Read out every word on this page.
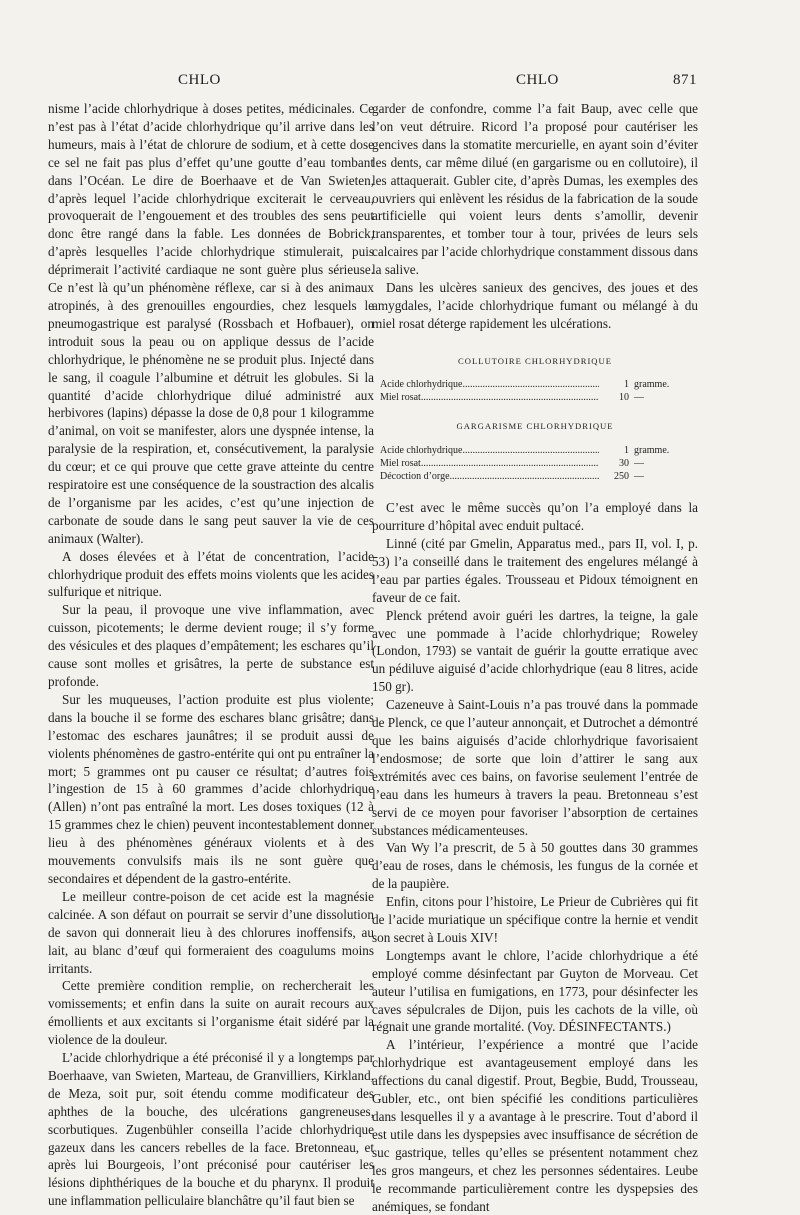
CHLO	CHLO	871

nisme l’acide chlorhydrique à doses petites, médicinales. Ce n’est pas à l’état d’acide chlorhydrique qu’il arrive dans les humeurs, mais à l’état de chlorure de sodium, et à cette dose ce sel ne fait pas plus d’effet qu’une goutte d’eau tombant dans l’Océan. Le dire de Boerhaave et de Van Swieten, d’après lequel l’acide chlorhydrique exciterait le cerveau, provoquerait de l’engouement et des troubles des sens peut donc être rangé dans la fable. Les données de Bobrick, d’après lesquelles l’acide chlorhydrique stimulerait, puis déprimerait l’activité cardiaque ne sont guère plus sérieuse. Ce n’est là qu’un phénomène réflexe, car si à des animaux atropinés, à des grenouilles engourdies, chez lesquels le pneumogastrique est paralysé (Rossbach et Hofbauer), on introduit sous la peau ou on applique dessus de l’acide chlorhydrique, le phénomène ne se produit plus. Injecté dans le sang, il coagule l’albumine et détruit les globules. Si la quantité d’acide chlorhydrique dilué administré aux herbivores (lapins) dépasse la dose de 0,8 pour 1 kilogramme d’animal, on voit se manifester, alors une dyspnée intense, la paralysie de la respiration, et, consécutivement, la paralysie du cœur; et ce qui prouve que cette grave atteinte du centre respiratoire est une conséquence de la soustraction des alcalis de l’organisme par les acides, c’est qu’une injection de carbonate de soude dans le sang peut sauver la vie de ces animaux (Walter).

A doses élevées et à l’état de concentration, l’acide chlorhydrique produit des effets moins violents que les acides sulfurique et nitrique.

Sur la peau, il provoque une vive inflammation, avec cuisson, picotements; le derme devient rouge; il s’y forme des vésicules et des plaques d’empâtement; les eschares qu’il cause sont molles et grisâtres, la perte de substance est profonde.

Sur les muqueuses, l’action produite est plus violente; dans la bouche il se forme des eschares blanc grisâtre; dans l’estomac des eschares jaunâtres; il se produit aussi de violents phénomènes de gastro-entérite qui ont pu entraîner la mort; 5 grammes ont pu causer ce résultat; d’autres fois l’ingestion de 15 à 60 grammes d’acide chlorhydrique (Allen) n’ont pas entraîné la mort. Les doses toxiques (12 à 15 grammes chez le chien) peuvent incontestablement donner lieu à des phénomènes généraux violents et à des mouvements convulsifs mais ils ne sont guère que secondaires et dépendent de la gastro-entérite.

Le meilleur contre-poison de cet acide est la magnésie calcinée. A son défaut on pourrait se servir d’une dissolution de savon qui donnerait lieu à des chlorures inoffensifs, au lait, au blanc d’œuf qui formeraient des coagulums moins irritants.

Cette première condition remplie, on rechercherait les vomissements; et enfin dans la suite on aurait recours aux émollients et aux excitants si l’organisme était sidéré par la violence de la douleur.

L’acide chlorhydrique a été préconisé il y a longtemps par Boerhaave, van Swieten, Marteau, de Granvilliers, Kirkland, de Meza, soit pur, soit étendu comme modificateur des aphthes de la bouche, des ulcérations gangreneuses, scorbutiques. Zugenbühler conseilla l’acide chlorhydrique gazeux dans les cancers rebelles de la face. Bretonneau, et après lui Bourgeois, l’ont préconisé pour cautériser les lésions diphthériques de la bouche et du pharynx. Il produit une inflammation pelliculaire blanchâtre qu’il faut bien se

garder de confondre, comme l’a fait Baup, avec celle que l’on veut détruire. Ricord l’a proposé pour cautériser les gencives dans la stomatite mercurielle, en ayant soin d’éviter les dents, car même dilué (en gargarisme ou en collutoire), il les attaquerait. Gubler cite, d’après Dumas, les exemples des ouvriers qui enlèvent les résidus de la fabrication de la soude artificielle qui voient leurs dents s’amollir, devenir transparentes, et tomber tour à tour, privées de leurs sels calcaires par l’acide chlorhydrique constamment dissous dans la salive.

Dans les ulcères sanieux des gencives, des joues et des amygdales, l’acide chlorhydrique fumant ou mélangé à du miel rosat déterge rapidement les ulcérations.

COLLUTOIRE CHLORHYDRIQUE
Acide chlorhydrique .....	1 gramme.
Miel rosat .....	10 —
GARGARISME CHLORHYDRIQUE
Acide chlorhydrique .....	1 gramme.
Miel rosat .....	30 —
Décoction d’orge .....	250 —

C’est avec le même succès qu’on l’a employé dans la pourriture d’hôpital avec enduit pultacé.

Linné (cité par Gmelin, Apparatus med., pars II, vol. I, p. 53) l’a conseillé dans le traitement des engelures mélangé à l’eau par parties égales. Trousseau et Pidoux témoignent en faveur de ce fait.

Plenck prétend avoir guéri les dartres, la teigne, la gale avec une pommade à l’acide chlorhydrique; Roweley (London, 1793) se vantait de guérir la goutte erratique avec un pédiluve aiguisé d’acide chlorhydrique (eau 8 litres, acide 150 gr).

Cazeneuve à Saint-Louis n’a pas trouvé dans la pommade de Plenck, ce que l’auteur annonçait, et Dutrochet a démontré que les bains aiguisés d’acide chlorhydrique favorisaient l’endosmose; de sorte que loin d’attirer le sang aux extrémités avec ces bains, on favorise seulement l’entrée de l’eau dans les humeurs à travers la peau. Bretonneau s’est servi de ce moyen pour favoriser l’absorption de certaines substances médicamenteuses.

Van Wy l’a prescrit, de 5 à 50 gouttes dans 30 grammes d’eau de roses, dans le chémosis, les fungus de la cornée et de la paupière.

Enfin, citons pour l’histoire, Le Prieur de Cubrières qui fit de l’acide muriatique un spécifique contre la hernie et vendit son secret à Louis XIV!

Longtemps avant le chlore, l’acide chlorhydrique a été employé comme désinfectant par Guyton de Morveau. Cet auteur l’utilisa en fumigations, en 1773, pour désinfecter les caves sépulcrales de Dijon, puis les cachots de la ville, où régnait une grande mortalité. (Voy. DÉSINFECTANTS.)

A l’intérieur, l’expérience a montré que l’acide chlorhydrique est avantageusement employé dans les affections du canal digestif. Prout, Begbie, Budd, Trousseau, Gubler, etc., ont bien spécifié les conditions particulières dans lesquelles il y a avantage à le prescrire. Tout d’abord il est utile dans les dyspepsies avec insuffisance de sécrétion de suc gastrique, telles qu’elles se présentent notamment chez les gros mangeurs, et chez les personnes sédentaires. Leube le recommande particulièrement contre les dyspepsies des anémiques, se fondant
